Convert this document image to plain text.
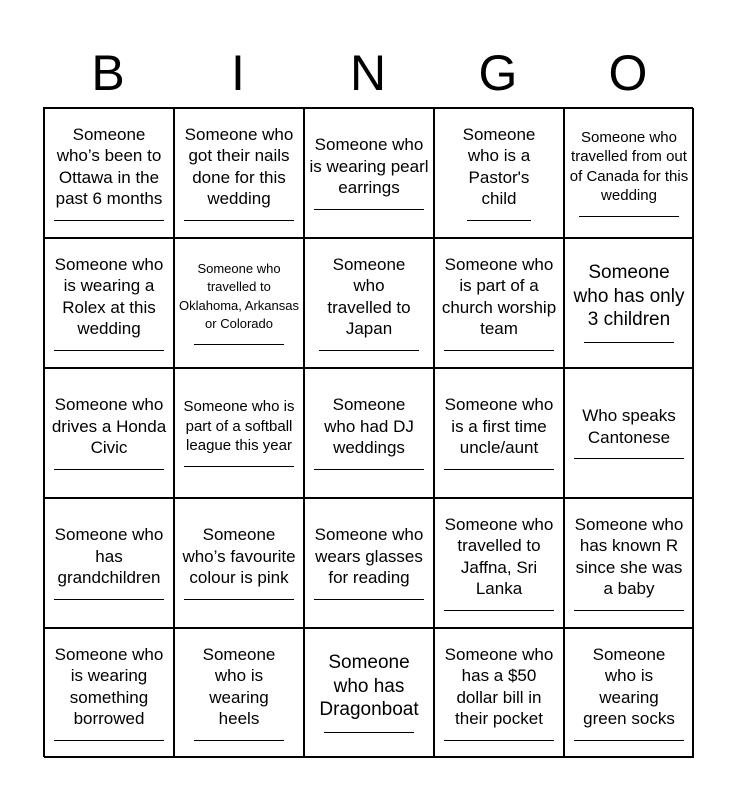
B	I	N	G	O
Someone who’s been to Ottawa in the past 6 months
Someone who got their nails done for this wedding
Someone who is wearing pearl earrings
Someone who is a Pastor's child
Someone who travelled from out of Canada for this wedding
Someone who is wearing a Rolex at this wedding
Someone who travelled to Oklahoma, Arkansas or Colorado
Someone who travelled to Japan
Someone who is part of a church worship team
Someone who has only 3 children
Someone who drives a Honda Civic
Someone who is part of a softball league this year
Someone who had DJ weddings
Someone who is a first time uncle/aunt
Who speaks Cantonese
Someone who has grandchildren
Someone who’s favourite colour is pink
Someone who wears glasses for reading
Someone who travelled to Jaffna, Sri Lanka
Someone who has known R since she was a baby
Someone who is wearing something borrowed
Someone who is wearing heels
Someone who has Dragonboat
Someone who has a $50 dollar bill in their pocket
Someone who is wearing green socks
